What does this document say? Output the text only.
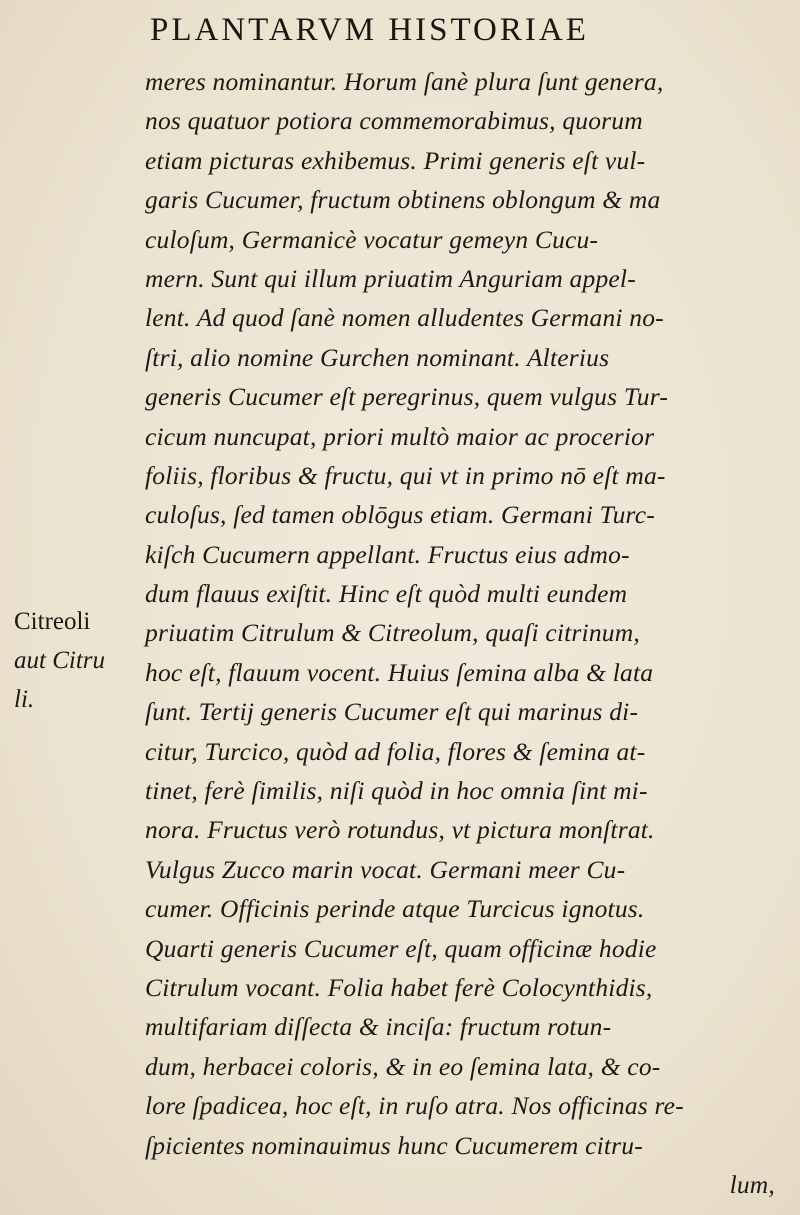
PLANTARVM HISTORIAE
Citreoli
aut Citru
li.
meres nominantur. Horum ſanè plura ſunt genera,
nos quatuor potiora commemorabimus, quorum
etiam picturas exhibemus. Primi generis eſt vul-
garis Cucumer, fructum obtinens oblongum & ma
culoſum, Germanicè vocatur gemeyn Cucu-
mern. Sunt qui illum priuatim Anguriam appel-
lent. Ad quod ſanè nomen alludentes Germani no-
ſtri, alio nomine Gurchen nominant. Alterius
generis Cucumer eſt peregrinus, quem vulgus Tur-
cicum nuncupat, priori multò maior ac procerior
foliis, floribus & fructu, qui vt in primo nō eſt ma-
culoſus, ſed tamen oblōgus etiam. Germani Turc-
kiſch Cucumern appellant. Fructus eius admo-
dum flauus exiſtit. Hinc eſt quòd multi eundem
priuatim Citrulum & Citreolum, quaſi citrinum,
hoc eſt, flauum vocent. Huius ſemina alba & lata
ſunt. Tertij generis Cucumer eſt qui marinus di-
citur, Turcico, quòd ad folia, flores & ſemina at-
tinet, ferè ſimilis, niſi quòd in hoc omnia ſint mi-
nora. Fructus verò rotundus, vt pictura monſtrat.
Vulgus Zucco marin vocat. Germani meer Cu-
cumer. Officinis perinde atque Turcicus ignotus.
Quarti generis Cucumer eſt, quam officinæ hodie
Citrulum vocant. Folia habet ferè Colocynthidis,
multifariam diſſecta & inciſa: fructum rotun-
dum, herbacei coloris, & in eo ſemina lata, & co-
lore ſpadicea, hoc eſt, in ruſo atra. Nos officinas re-
ſpicientes nominauimus hunc Cucumerem citru-
lum,
